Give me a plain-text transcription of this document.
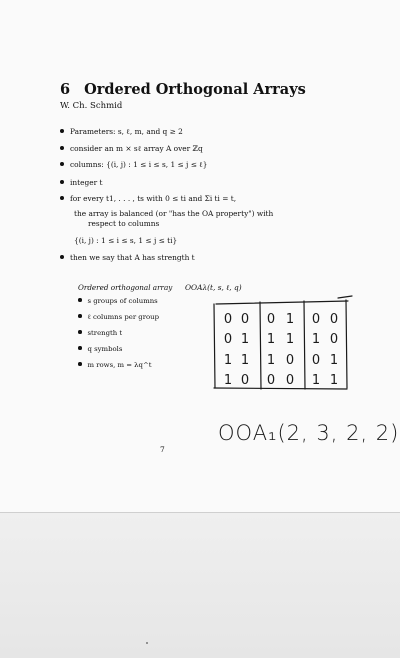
6 Ordered Orthogonal Arrays
W. Ch. Schmid
Parameters: s, ℓ, m, and q ≥ 2
consider an m × sℓ array A over ℤq
columns: {(i, j) : 1 ≤ i ≤ s, 1 ≤ j ≤ ℓ}
integer t
for every t1, . . . , ts with 0 ≤ ti and Σi ti = t,
the array is balanced (or "has the OA property") with
respect to columns
{(i, j) : 1 ≤ i ≤ s, 1 ≤ j ≤ ti}
then we say that A has strength t
Ordered orthogonal array OOAλ(t, s, ℓ, q)
s groups of columns
ℓ columns per group
strength t
q symbols
m rows, m = λq^t
0 0 0 1 0 0
0 1 1 1 1 0
1 1 1 0 0 1
1 0 0 0 1 1
OOA₁(2, 3, 2, 2)
7
